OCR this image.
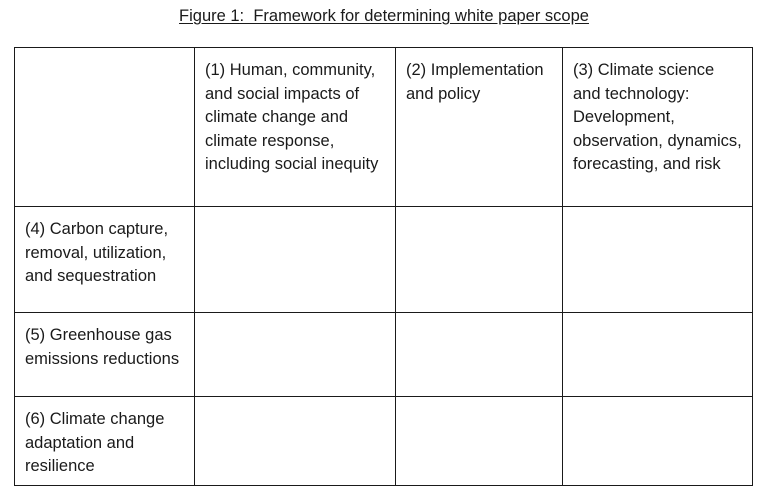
Figure 1:  Framework for determining white paper scope

	(1) Human, community, and social impacts of climate change and climate response, including social inequity	(2) Implementation and policy	(3) Climate science and technology: Development, observation, dynamics, forecasting, and risk

(4) Carbon capture, removal, utilization, and sequestration			

(5) Greenhouse gas emissions reductions			

(6) Climate change adaptation and resilience			
